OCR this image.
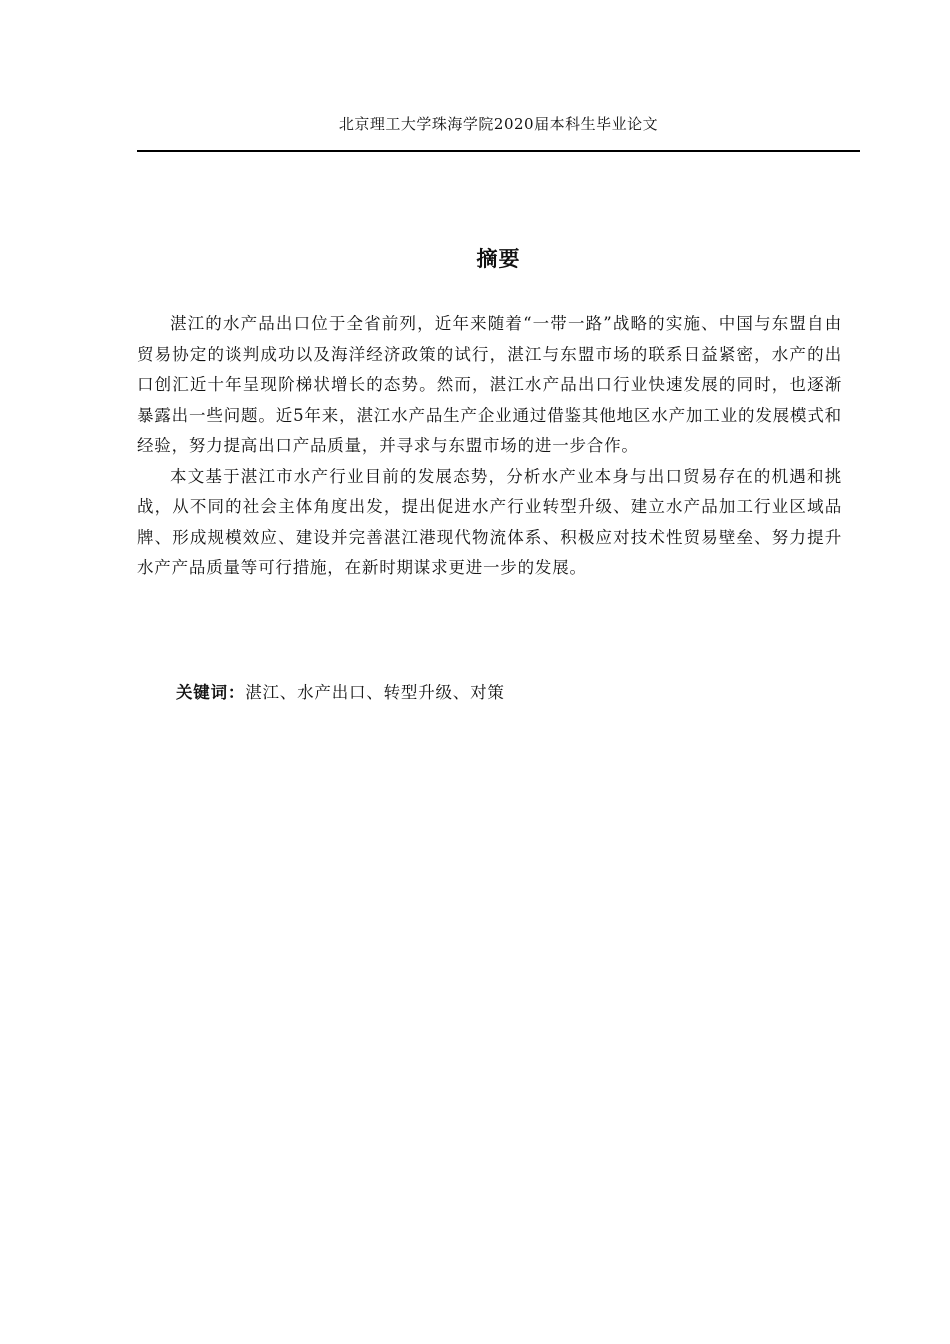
北京理工大学珠海学院2020届本科生毕业论文
摘要

湛江的水产品出口位于全省前列，近年来随着“一带一路”战略的实施、中国与东盟自由贸易协定的谈判成功以及海洋经济政策的试行，湛江与东盟市场的联系日益紧密，水产的出口创汇近十年呈现阶梯状增长的态势。然而，湛江水产品出口行业快速发展的同时，也逐渐暴露出一些问题。近5年来，湛江水产品生产企业通过借鉴其他地区水产加工业的发展模式和经验，努力提高出口产品质量，并寻求与东盟市场的进一步合作。

本文基于湛江市水产行业目前的发展态势，分析水产业本身与出口贸易存在的机遇和挑战，从不同的社会主体角度出发，提出促进水产行业转型升级、建立水产品加工行业区域品牌、形成规模效应、建设并完善湛江港现代物流体系、积极应对技术性贸易壁垒、努力提升水产产品质量等可行措施，在新时期谋求更进一步的发展。

关键词：湛江、水产出口、转型升级、对策
